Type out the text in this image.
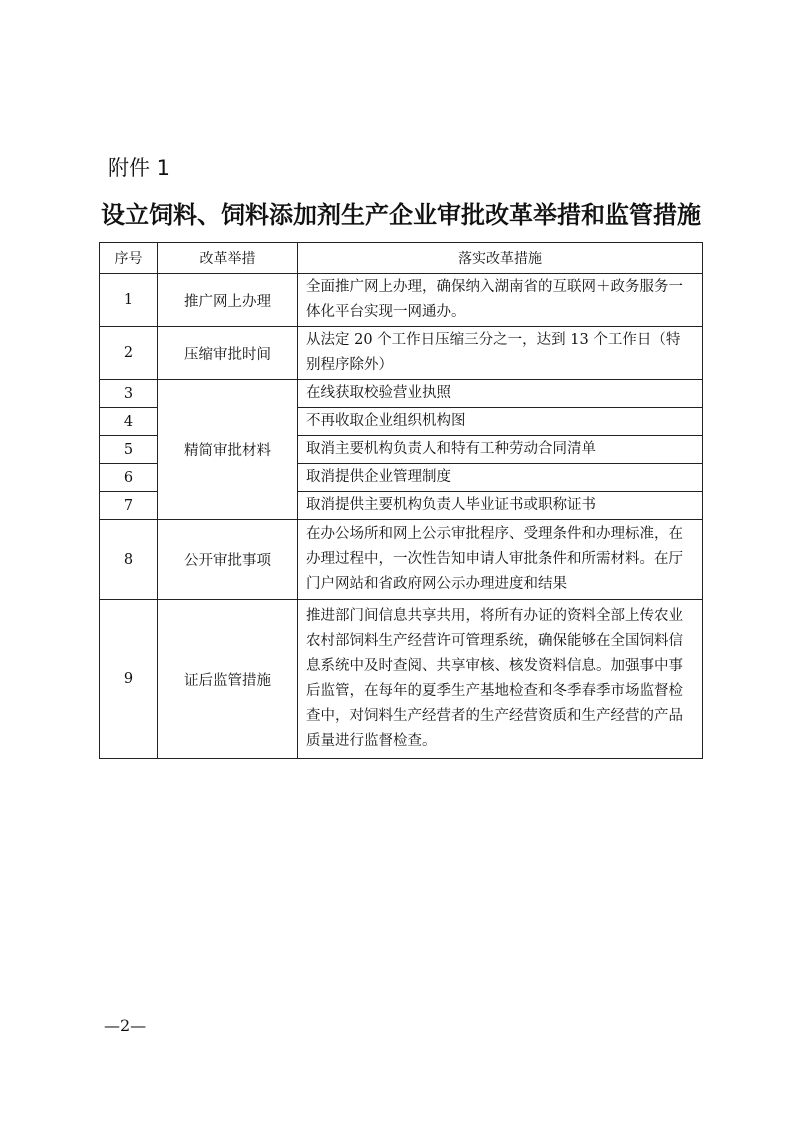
附件 1
设立饲料、饲料添加剂生产企业审批改革举措和监管措施
序号	改革举措	落实改革措施
1	推广网上办理	全面推广网上办理，确保纳入湖南省的互联网＋政务服务一体化平台实现一网通办。
2	压缩审批时间	从法定 20 个工作日压缩三分之一，达到 13 个工作日（特别程序除外）
3	精简审批材料	在线获取校验营业执照
4		不再收取企业组织机构图
5		取消主要机构负责人和特有工种劳动合同清单
6		取消提供企业管理制度
7		取消提供主要机构负责人毕业证书或职称证书
8	公开审批事项	在办公场所和网上公示审批程序、受理条件和办理标准，在办理过程中，一次性告知申请人审批条件和所需材料。在厅门户网站和省政府网公示办理进度和结果
9	证后监管措施	推进部门间信息共享共用，将所有办证的资料全部上传农业农村部饲料生产经营许可管理系统，确保能够在全国饲料信息系统中及时查阅、共享审核、核发资料信息。加强事中事后监管，在每年的夏季生产基地检查和冬季春季市场监督检查中，对饲料生产经营者的生产经营资质和生产经营的产品质量进行监督检查。
—2—
